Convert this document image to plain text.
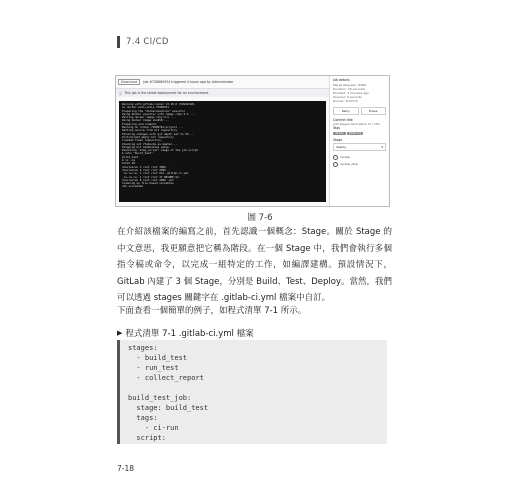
7.4 CI/CD
Download	Job #728660934 triggered 4 hours ago by Administrator
ⓘ This job is the latest deployment for an environment.
Running with gitlab-runner 13.10.0 (54944146)
on docker-auto-scale 72989761
Preparing the "docker+machine" executor
Using Docker executor with image ruby:2.5 ...
Pulling docker image ruby:2.5 ...
Using docker image sha256:...
Preparing environment
Running on runner-72989761-project ...
Getting source from Git repository
Fetching changes with git depth set to 50...
Initialized empty Git repository
Created fresh repository.
Checking out 7fa1bc2e as master...
Skipping Git submodules setup
Executing "step_script" stage of the job script
$ echo "build_test"
build_test
$ ls -la
total 28
drwxrwxrwx 3 root root 4096 .
drwxrwxrwx 4 root root 4096 ..
-rw-rw-rw- 1 root root 612 .gitlab-ci.yml
-rw-rw-rw- 1 root root 37 README.md
drwxrwxrwx 8 root root 4096 .git
Cleaning up file based variables
Job succeeded

Job details
Merge Request: !4896
Duration: 25 seconds
Finished: 3 minutes ago
Queued: 0 seconds
Runner: #12270
Retry	Erase
Commit title
add stages description to ci file
Tags
docker	gitlab-org
Stage
deploy	▾
review
review_stop
圖 7-6

在介紹該檔案的編寫之前，首先認識一個概念：Stage。關於 Stage 的中文意思，我更願意把它稱為階段。在一個 Stage 中，我們會執行多個指令稿或命令，以完成一組特定的工作，如編譯建構。預設情況下，GitLab 內建了 3 個 Stage，分別是 Build、Test、Deploy。當然，我們可以透過 stages 關鍵字在 .gitlab-ci.yml 檔案中自訂。

下面查看一個簡單的例子，如程式清單 7-1 所示。

▶ 程式清單 7-1 .gitlab-ci.yml 檔案
stages:
- build_test
- run_test
- collect_report

build_test_job:
stage: build_test
tags:
- ci-run
script:
7-18
